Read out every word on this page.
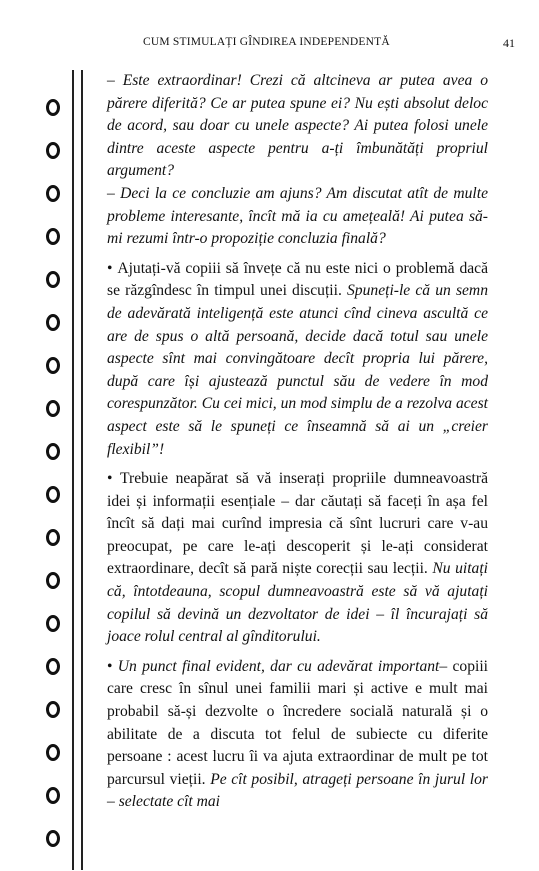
CUM STIMULAȚI GÎNDIREA INDEPENDENTĂ	41

– Este extraordinar! Crezi că altcineva ar putea avea o părere diferită? Ce ar putea spune ei? Nu ești absolut deloc de acord, sau doar cu unele aspecte? Ai putea folosi unele dintre aceste aspecte pentru a-ți îmbunătăți propriul argument?

– Deci la ce concluzie am ajuns? Am discutat atît de multe probleme interesante, încît mă ia cu amețeală! Ai putea să-mi rezumi într-o propoziție concluzia finală?

• Ajutați-vă copiii să învețe că nu este nici o problemă dacă se răzgîndesc în timpul unei discuții. Spuneți-le că un semn de adevărată inteligență este atunci cînd cineva ascultă ce are de spus o altă persoană, decide dacă totul sau unele aspecte sînt mai convingătoare decît propria lui părere, după care își ajustează punctul său de vedere în mod corespunzător. Cu cei mici, un mod simplu de a rezolva acest aspect este să le spuneți ce înseamnă să ai un „creier flexibil”!

• Trebuie neapărat să vă inserați propriile dumneavoastră idei și informații esențiale – dar căutați să faceți în așa fel încît să dați mai curînd impresia că sînt lucruri care v-au preocupat, pe care le-ați descoperit și le-ați considerat extraordinare, decît să pară niște corecții sau lecții. Nu uitați că, întotdeauna, scopul dumneavoastră este să vă ajutați copilul să devină un dezvoltator de idei – îl încurajați să joace rolul central al gînditorului.

• Un punct final evident, dar cu adevărat important– copiii care cresc în sînul unei familii mari și active e mult mai probabil să-și dezvolte o încredere socială naturală și o abilitate de a discuta tot felul de subiecte cu diferite persoane : acest lucru îi va ajuta extraordinar de mult pe tot parcursul vieții. Pe cît posibil, atrageți persoane în jurul lor – selectate cît mai
